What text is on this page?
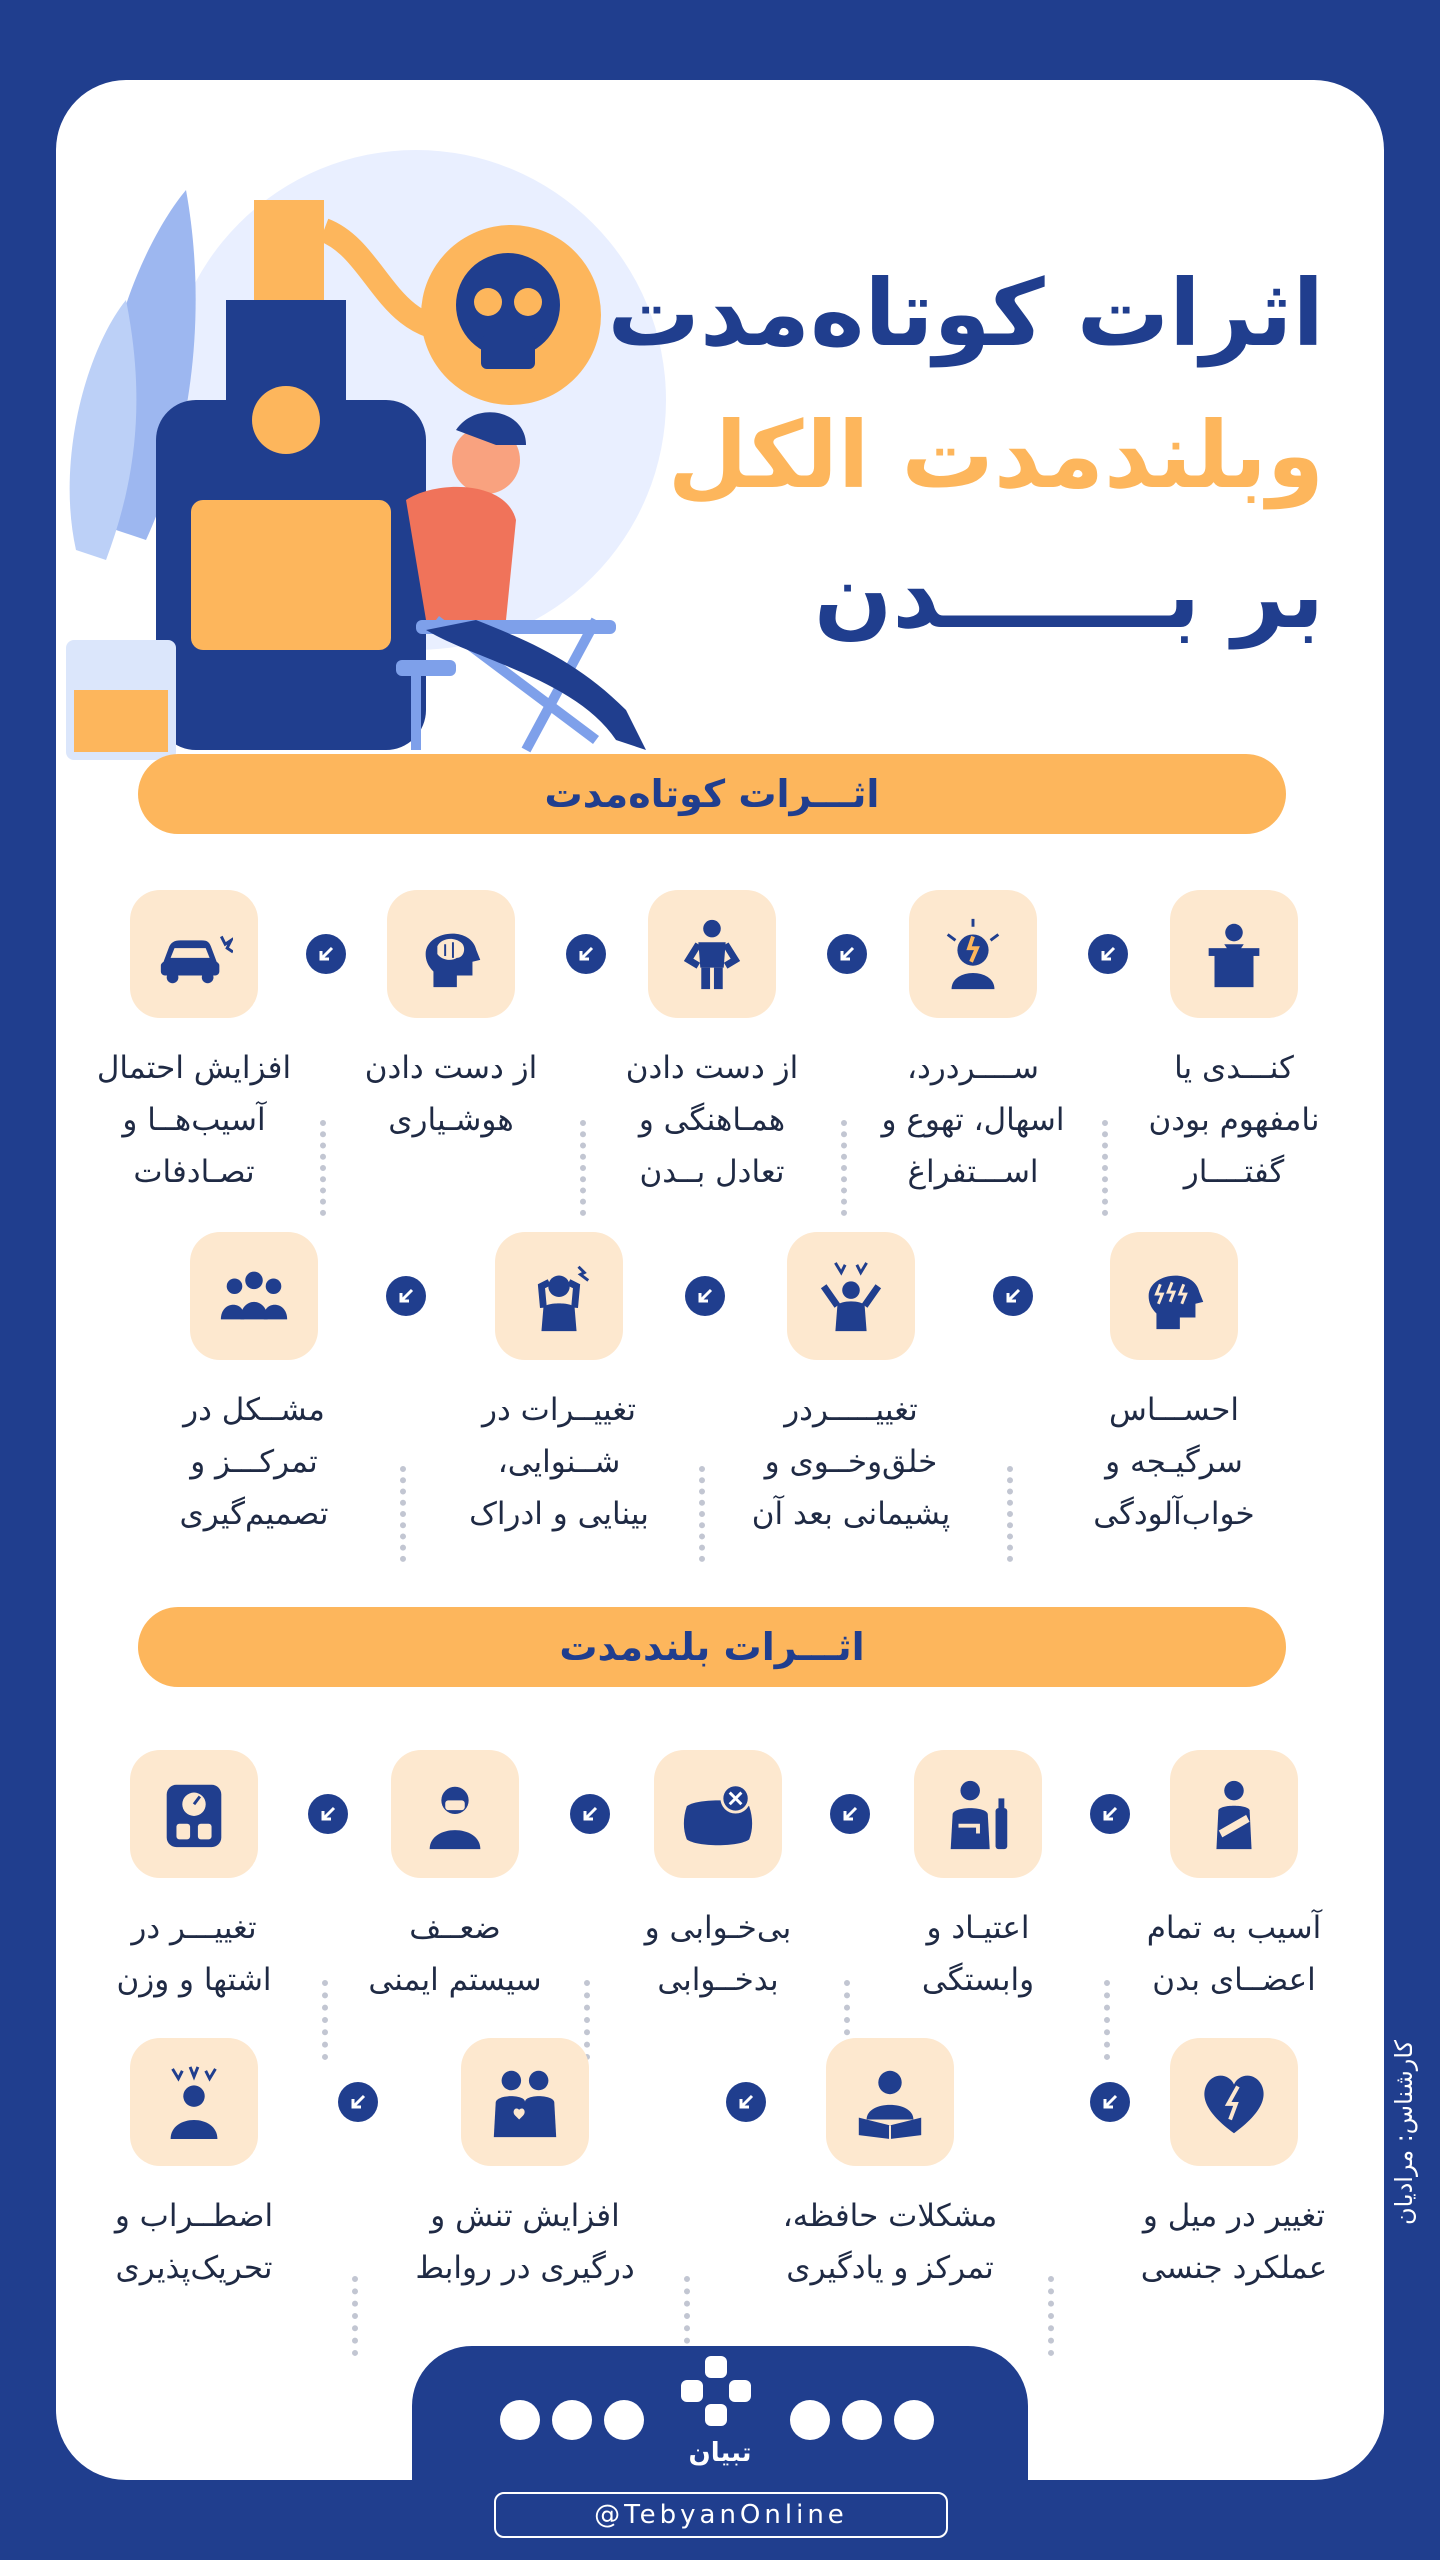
اثرات کوتاه‌مدت
وبلندمدت الکل
بر بـــــــدن
اثـــرات کوتاه‌مدت
کنـــدی یا
نامفهوم بودن
گفتــــار
ســــردرد،
اسهال، تهوع و
اســـتفراغ
از دست دادن
همـاهنگی و
تعادل بــدن
از دست دادن
هوشـیاری
افزایش احتمال
آسیب‌هــا و
تصـادفات
احســـاس
سرگیـجه و
خواب‌آلودگی
تغییـــــردر
خلق‌وخــوی و
پشیمانی بعد آن
تغییــرات در
شــنوایی،
بینایی و ادراک
مشــکل در
تمرکـــز و
تصمیم‌گیری
اثـــرات بلندمدت
آسیب به تمام
اعضــای بدن
اعتیـاد و
وابستگی
بی‌خـوابی و
بدخــوابی
ضعــف
سیستم ایمنی
تغییـــر در
اشتها و وزن
تغییر در میل و
عملکرد جنسی
مشکلات حافظه،
تمرکز و یادگیری
افزایش تنش و
درگیری در روابط
اضطــراب و
تحریک‌پذیری
تبیان
@TebyanOnline
کارشناس: مرادیان
